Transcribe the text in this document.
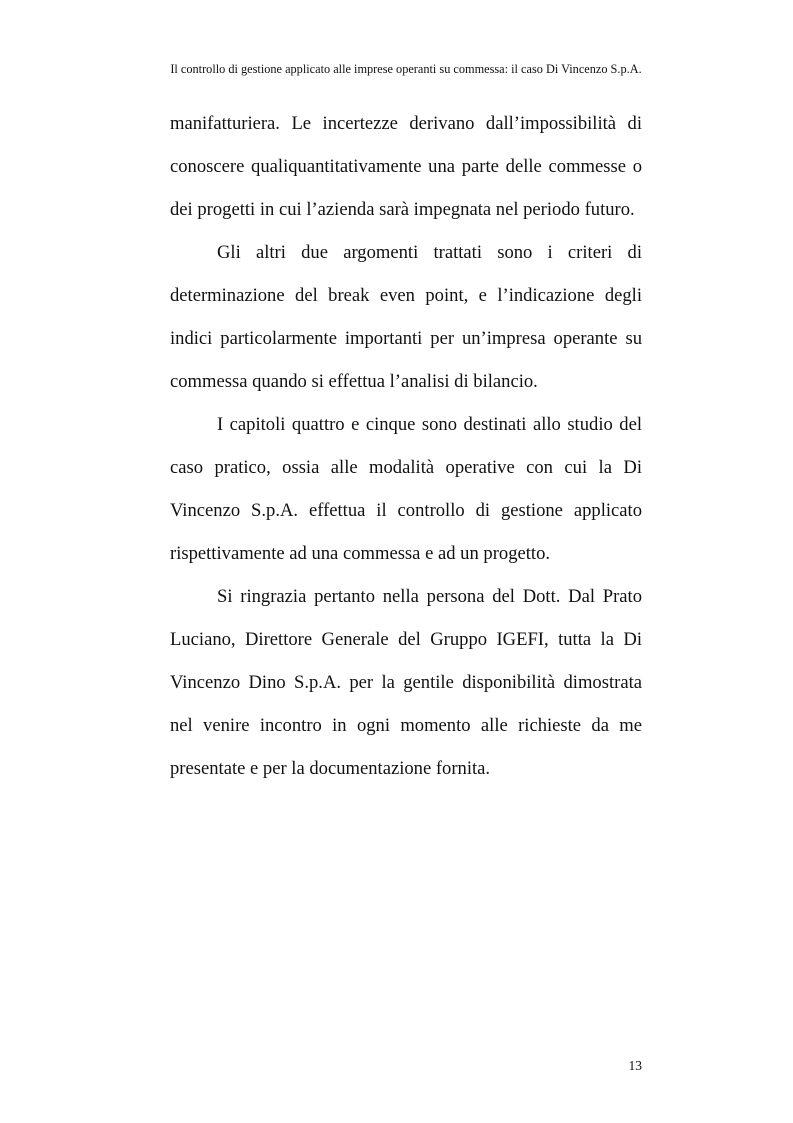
Il controllo di gestione applicato alle imprese operanti su commessa: il caso Di Vincenzo S.p.A.

manifatturiera. Le incertezze derivano dall’impossibilità di conoscere qualiquantitativamente una parte delle commesse o dei progetti in cui l’azienda sarà impegnata nel periodo futuro.

Gli altri due argomenti trattati sono i criteri di determinazione del break even point, e l’indicazione degli indici particolarmente importanti per un’impresa operante su commessa quando si effettua l’analisi di bilancio.

I capitoli quattro e cinque sono destinati allo studio del caso pratico, ossia alle modalità operative con cui la Di Vincenzo S.p.A. effettua il controllo di gestione applicato rispettivamente ad una commessa e ad un progetto.

Si ringrazia pertanto nella persona del Dott. Dal Prato Luciano, Direttore Generale del Gruppo IGEFI, tutta la Di Vincenzo Dino S.p.A. per la gentile disponibilità dimostrata nel venire incontro in ogni momento alle richieste da me presentate e per la documentazione fornita.

13
